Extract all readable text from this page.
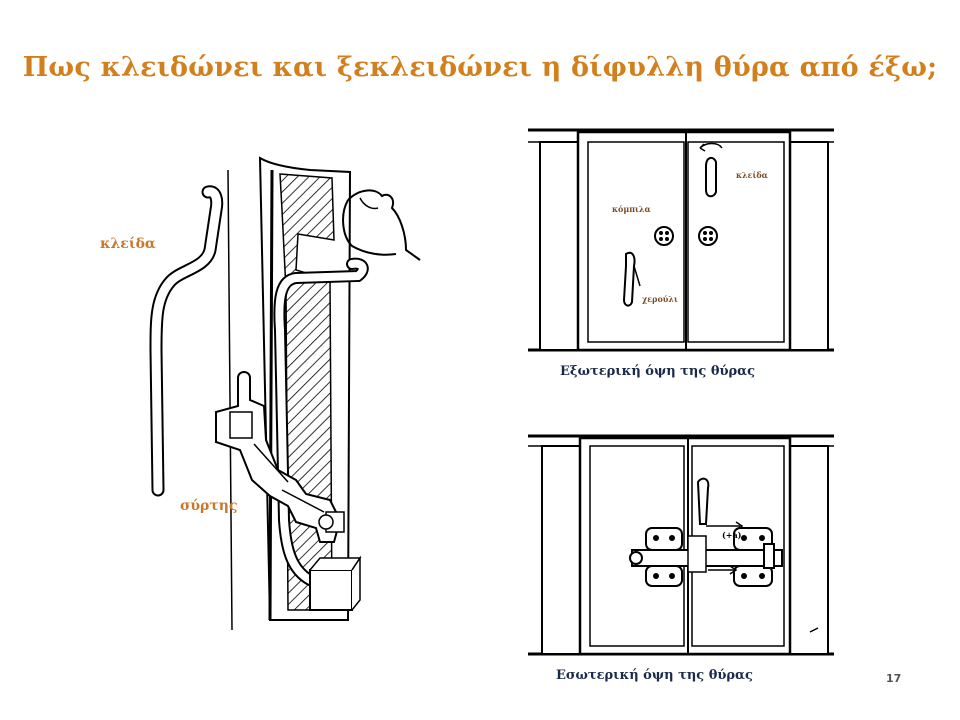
Πως κλειδώνει και ξεκλειδώνει η δίφυλλη θύρα από έξω;
κλείδα
σύρτης
κλείδα
κόμπιλα
χερούλι
Εξωτερική όψη της θύρας
(+a)
Εσωτερική όψη της θύρας	17
